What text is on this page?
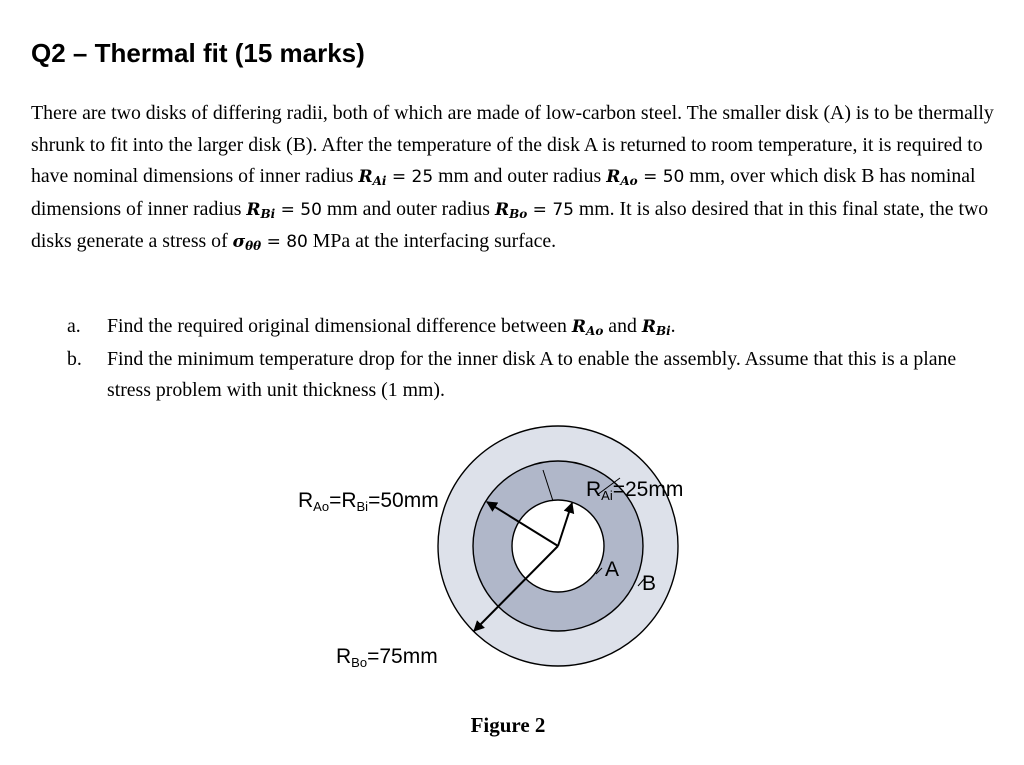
Q2 – Thermal fit (15 marks)

There are two disks of differing radii, both of which are made of low-carbon steel. The smaller disk (A) is to be thermally shrunk to fit into the larger disk (B). After the temperature of the disk A is returned to room temperature, it is required to have nominal dimensions of inner radius $R_{Ai} = 25$ mm and outer radius $R_{Ao} = 50$ mm, over which disk B has nominal dimensions of inner radius $R_{Bi} = 50$ mm and outer radius $R_{Bo} = 75$ mm. It is also desired that in this final state, the two disks generate a stress of $\sigma_{\theta\theta} = 80$ MPa at the interfacing surface.

a.	Find the required original dimensional difference between $R_{Ao}$ and $R_{Bi}$.
b.	Find the minimum temperature drop for the inner disk A to enable the assembly. Assume that this is a plane stress problem with unit thickness (1 mm).
RAo=RBi=50mm	RAi=25mm
RBo=75mm
A
B

Figure 2
